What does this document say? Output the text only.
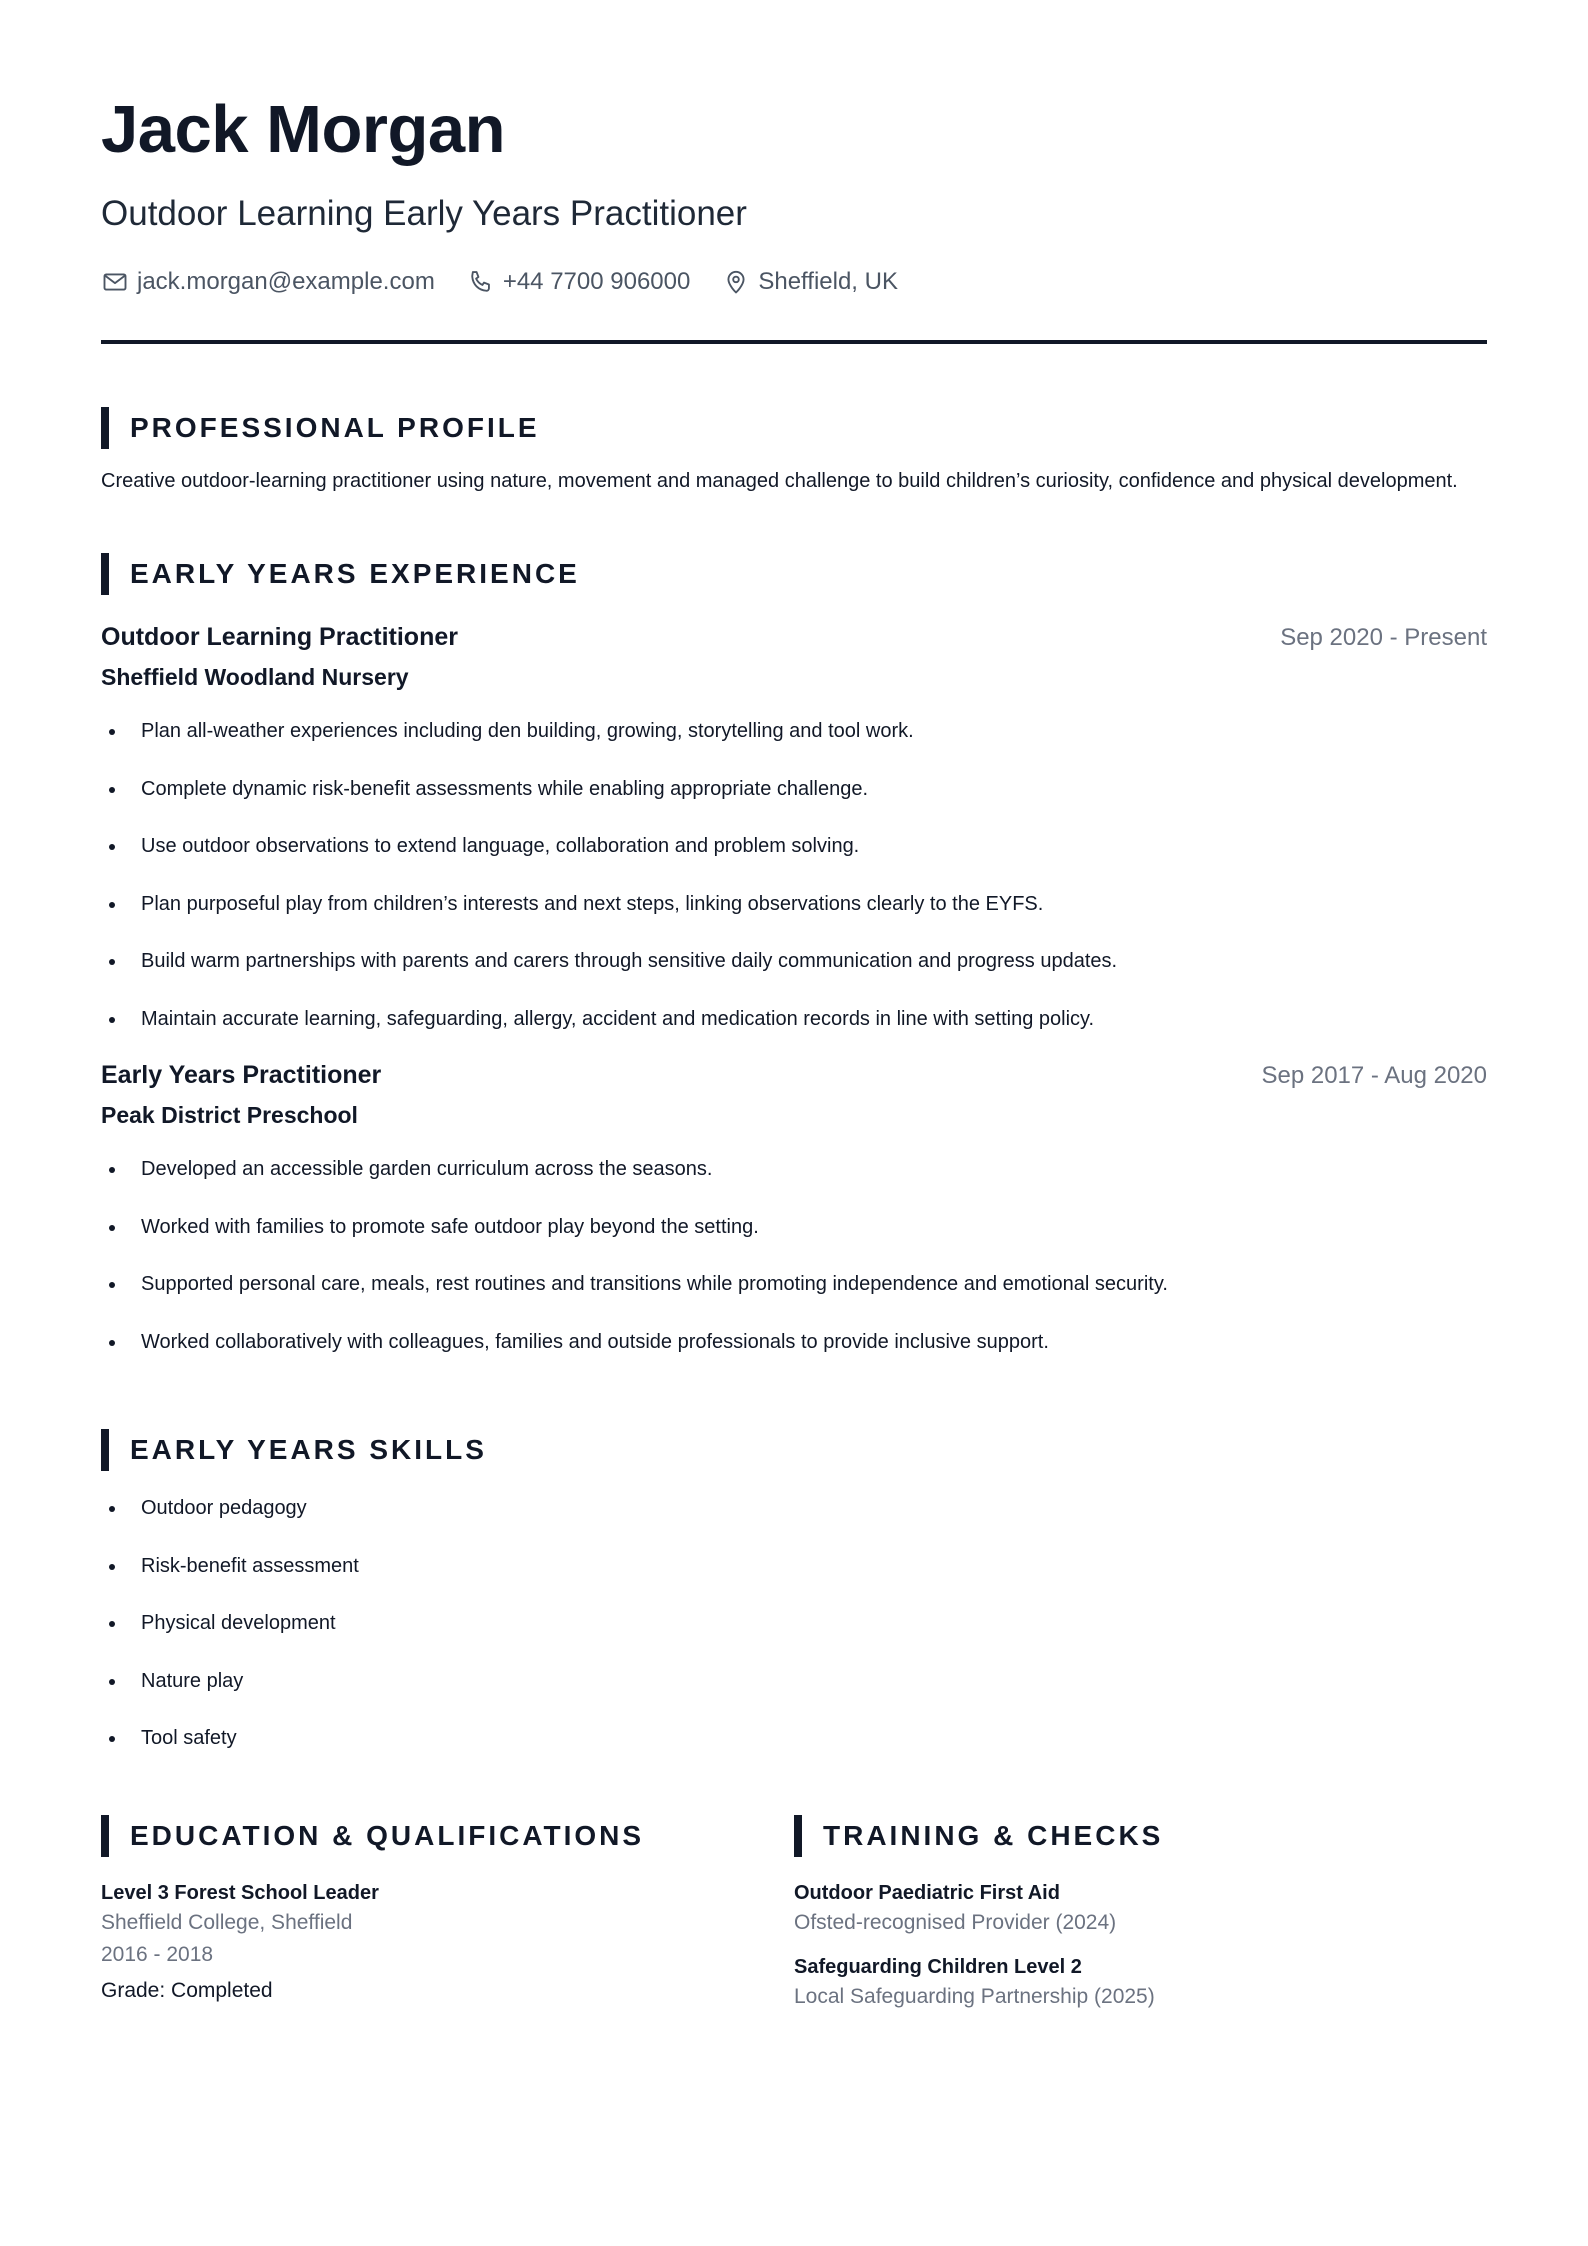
Jack Morgan
Outdoor Learning Early Years Practitioner
jack.morgan@example.com	+44 7700 906000	Sheffield, UK
PROFESSIONAL PROFILE
Creative outdoor-learning practitioner using nature, movement and managed challenge to build children’s curiosity, confidence and physical development.
EARLY YEARS EXPERIENCE
Outdoor Learning Practitioner	Sep 2020 - Present
Sheffield Woodland Nursery
Plan all-weather experiences including den building, growing, storytelling and tool work.
Complete dynamic risk-benefit assessments while enabling appropriate challenge.
Use outdoor observations to extend language, collaboration and problem solving.
Plan purposeful play from children’s interests and next steps, linking observations clearly to the EYFS.
Build warm partnerships with parents and carers through sensitive daily communication and progress updates.
Maintain accurate learning, safeguarding, allergy, accident and medication records in line with setting policy.
Early Years Practitioner	Sep 2017 - Aug 2020
Peak District Preschool
Developed an accessible garden curriculum across the seasons.
Worked with families to promote safe outdoor play beyond the setting.
Supported personal care, meals, rest routines and transitions while promoting independence and emotional security.
Worked collaboratively with colleagues, families and outside professionals to provide inclusive support.
EARLY YEARS SKILLS
Outdoor pedagogy
Risk-benefit assessment
Physical development
Nature play
Tool safety
EDUCATION & QUALIFICATIONS
Level 3 Forest School Leader
Sheffield College, Sheffield
2016 - 2018
Grade: Completed
TRAINING & CHECKS
Outdoor Paediatric First Aid
Ofsted-recognised Provider (2024)
Safeguarding Children Level 2
Local Safeguarding Partnership (2025)
